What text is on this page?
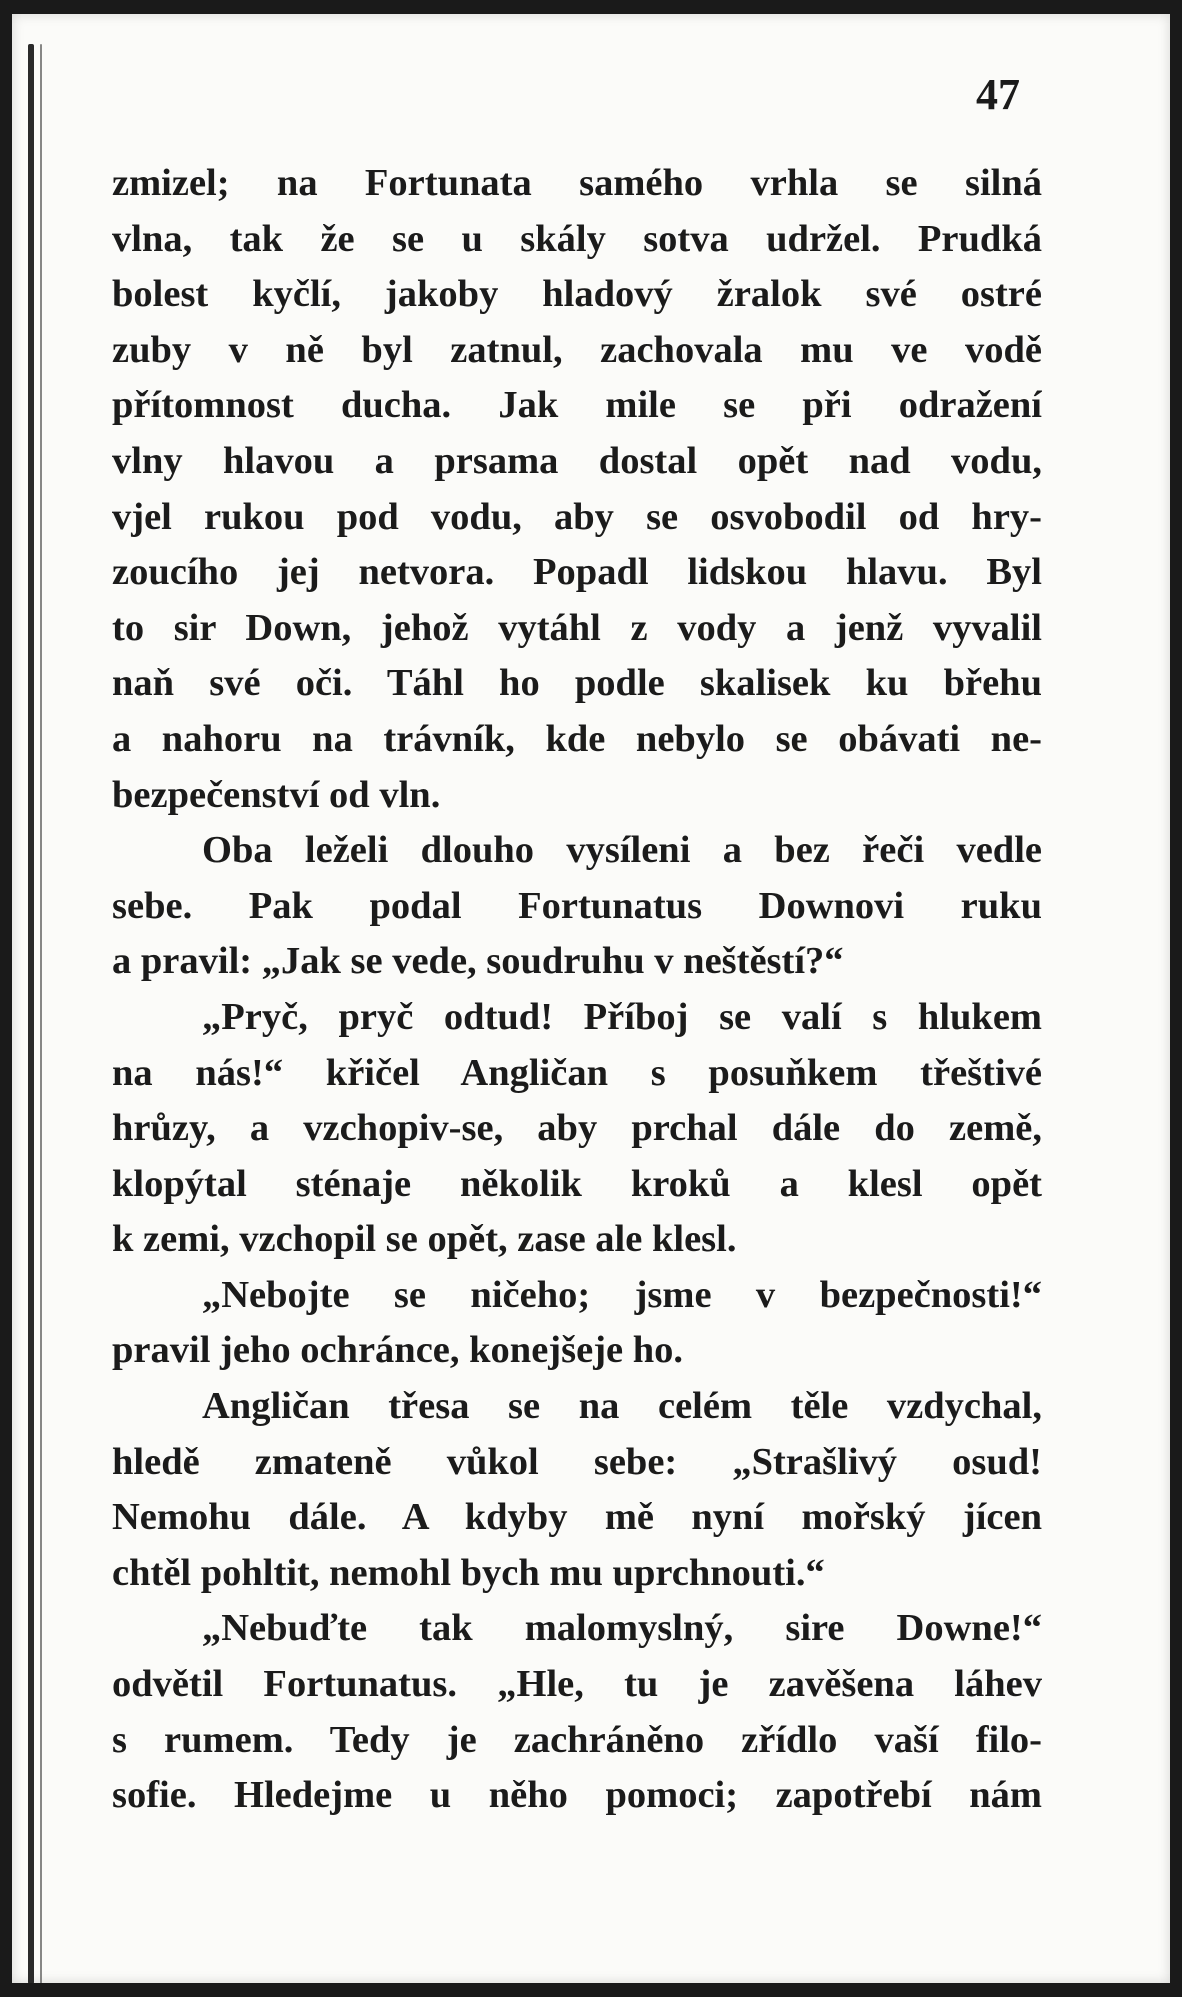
47
zmizel; na Fortunata samého vrhla se silná
vlna, tak že se u skály sotva udržel. Prudká
bolest kyčlí, jakoby hladový žralok své ostré
zuby v ně byl zatnul, zachovala mu ve vodě
přítomnost ducha. Jak mile se při odražení
vlny hlavou a prsama dostal opět nad vodu,
vjel rukou pod vodu, aby se osvobodil od hry-
zoucího jej netvora. Popadl lidskou hlavu. Byl
to sir Down, jehož vytáhl z vody a jenž vyvalil
naň své oči. Táhl ho podle skalisek ku břehu
a nahoru na trávník, kde nebylo se obávati ne-
bezpečenství od vln.
Oba leželi dlouho vysíleni a bez řeči vedle
sebe. Pak podal Fortunatus Downovi ruku
a pravil: „Jak se vede, soudruhu v neštěstí?“
„Pryč, pryč odtud! Příboj se valí s hlukem
na nás!“ křičel Angličan s posuňkem třeštivé
hrůzy, a vzchopiv-se, aby prchal dále do země,
klopýtal sténaje několik kroků a klesl opět
k zemi, vzchopil se opět, zase ale klesl.
„Nebojte se ničeho; jsme v bezpečnosti!“
pravil jeho ochránce, konejšeje ho.
Angličan třesa se na celém těle vzdychal,
hledě zmateně vůkol sebe: „Strašlivý osud!
Nemohu dále. A kdyby mě nyní mořský jícen
chtěl pohltit, nemohl bych mu uprchnouti.“
„Nebuďte tak malomyslný, sire Downe!“
odvětil Fortunatus. „Hle, tu je zavěšena láhev
s rumem. Tedy je zachráněno zřídlo vaší filo-
sofie. Hledejme u něho pomoci; zapotřebí nám
